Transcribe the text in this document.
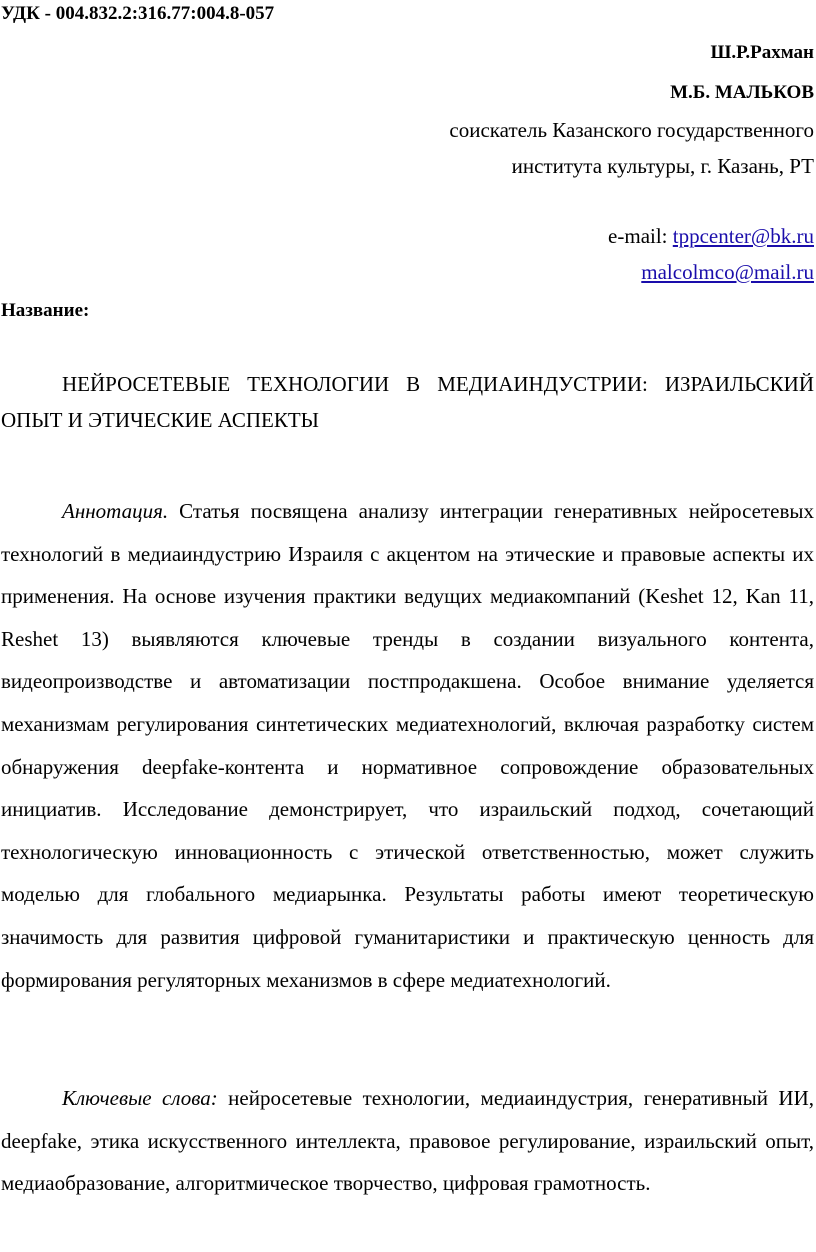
УДК - 004.832.2:316.77:004.8-057
Ш.Р.Рахман
М.Б. МАЛЬКОВ
соискатель Казанского государственного
института культуры, г. Казань, РТ
e-mail: tppcenter@bk.ru
malcolmco@mail.ru
Название:
НЕЙРОСЕТЕВЫЕ ТЕХНОЛОГИИ В МЕДИАИНДУСТРИИ: ИЗРАИЛЬСКИЙ ОПЫТ И ЭТИЧЕСКИЕ АСПЕКТЫ

Аннотация. Статья посвящена анализу интеграции генеративных нейросетевых технологий в медиаиндустрию Израиля с акцентом на этические и правовые аспекты их применения. На основе изучения практики ведущих медиакомпаний (Keshet 12, Kan 11, Reshet 13) выявляются ключевые тренды в создании визуального контента, видеопроизводстве и автоматизации постпродакшена. Особое внимание уделяется механизмам регулирования синтетических медиатехнологий, включая разработку систем обнаружения deepfake-контента и нормативное сопровождение образовательных инициатив. Исследование демонстрирует, что израильский подход, сочетающий технологическую инновационность с этической ответственностью, может служить моделью для глобального медиарынка. Результаты работы имеют теоретическую значимость для развития цифровой гуманитаристики и практическую ценность для формирования регуляторных механизмов в сфере медиатехнологий.

Ключевые слова: нейросетевые технологии, медиаиндустрия, генеративный ИИ, deepfake, этика искусственного интеллекта, правовое регулирование, израильский опыт, медиаобразование, алгоритмическое творчество, цифровая грамотность.
